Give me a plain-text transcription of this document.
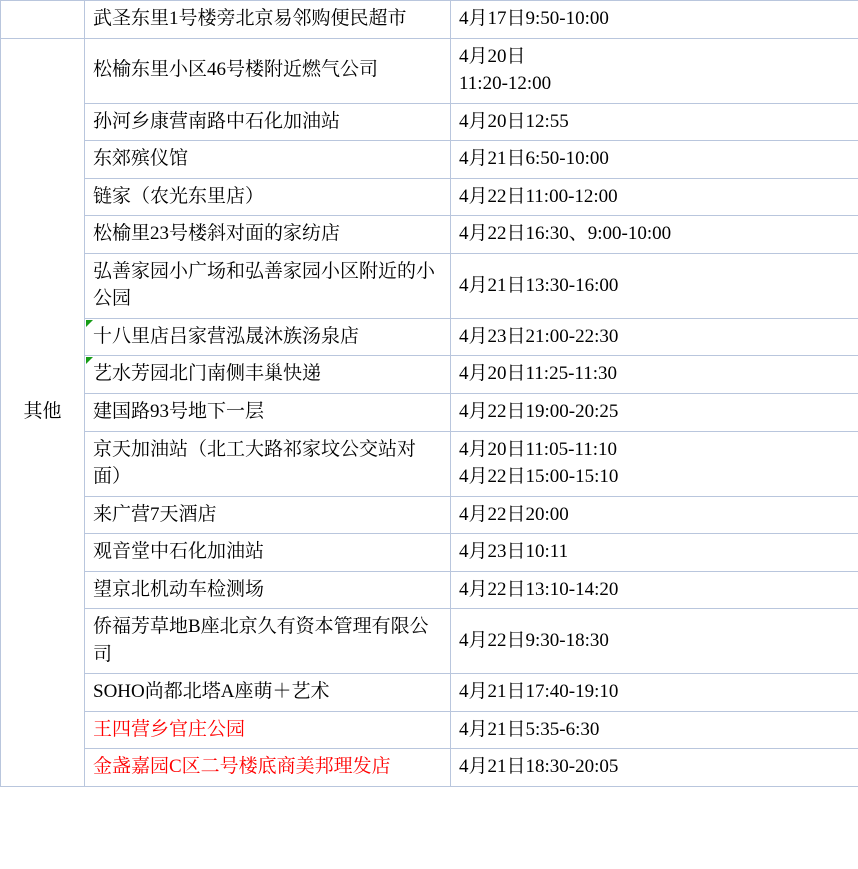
	武圣东里1号楼旁北京易邻购便民超市	4月17日9:50-10:00
其他	松榆东里小区46号楼附近燃气公司	4月20日
11:20-12:00

	孙河乡康营南路中石化加油站	4月20日12:55
	东郊殡仪馆	4月21日6:50-10:00
	链家（农光东里店）	4月22日11:00-12:00
	松榆里23号楼斜对面的家纺店	4月22日16:30、9:00-10:00
	弘善家园小广场和弘善家园小区附近的小公园	4月21日13:30-16:00
	十八里店吕家营泓晟沐族汤泉店	4月23日21:00-22:30
	艺水芳园北门南侧丰巢快递	4月20日11:25-11:30
	建国路93号地下一层	4月22日19:00-20:25
	京天加油站（北工大路祁家坟公交站对面）	4月20日11:05-11:10
4月22日15:00-15:10

	来广营7天酒店	4月22日20:00
	观音堂中石化加油站	4月23日10:11
	望京北机动车检测场	4月22日13:10-14:20
	侨福芳草地B座北京久有资本管理有限公司	4月22日9:30-18:30
	SOHO尚都北塔A座萌＋艺术	4月21日17:40-19:10
	王四营乡官庄公园	4月21日5:35-6:30
	金盏嘉园C区二号楼底商美邦理发店	4月21日18:30-20:05
